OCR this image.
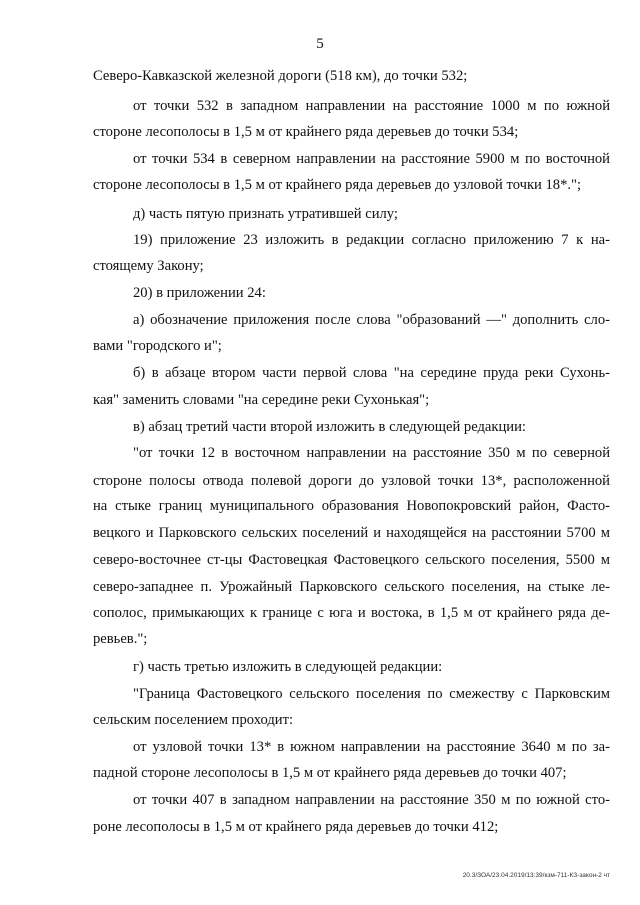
5
Северо-Кавказской железной дороги (518 км), до точки 532;
от точки 532 в западном направлении на расстояние 1000 м по южной
стороне лесополосы в 1,5 м от крайнего ряда деревьев до точки 534;
от точки 534 в северном направлении на расстояние 5900 м по восточной
стороне лесополосы в 1,5 м от крайнего ряда деревьев до узловой точки 18*.";
д) часть пятую признать утратившей силу;
19) приложение 23 изложить в редакции согласно приложению 7 к на-
стоящему Закону;
20) в приложении 24:
а) обозначение приложения после слова "образований —" дополнить сло-
вами "городского и";
б) в абзаце втором части первой слова "на середине пруда реки Сухонь-
кая" заменить словами "на середине реки Сухонькая";
в) абзац третий части второй изложить в следующей редакции:
"от точки 12 в восточном направлении на расстояние 350 м по северной
стороне полосы отвода полевой дороги до узловой точки 13*, расположенной
на стыке границ муниципального образования Новопокровский район, Фасто-
вецкого и Парковского сельских поселений и находящейся на расстоянии 5700 м
северо-восточнее ст-цы Фастовецкая Фастовецкого сельского поселения, 5500 м
северо-западнее п. Урожайный Парковского сельского поселения, на стыке ле-
сополос, примыкающих к границе с юга и востока, в 1,5 м от крайнего ряда де-
ревьев.";
г) часть третью изложить в следующей редакции:
"Граница Фастовецкого сельского поселения по смежеству с Парковским
сельским поселением проходит:
от узловой точки 13* в южном направлении на расстояние 3640 м по за-
падной стороне лесополосы в 1,5 м от крайнего ряда деревьев до точки 407;
от точки 407 в западном направлении на расстояние 350 м по южной сто-
роне лесополосы в 1,5 м от крайнего ряда деревьев до точки 412;
20.3/ЗОА/23.04.2019/13:39/кзм-711-КЗ-закон-2 чт
